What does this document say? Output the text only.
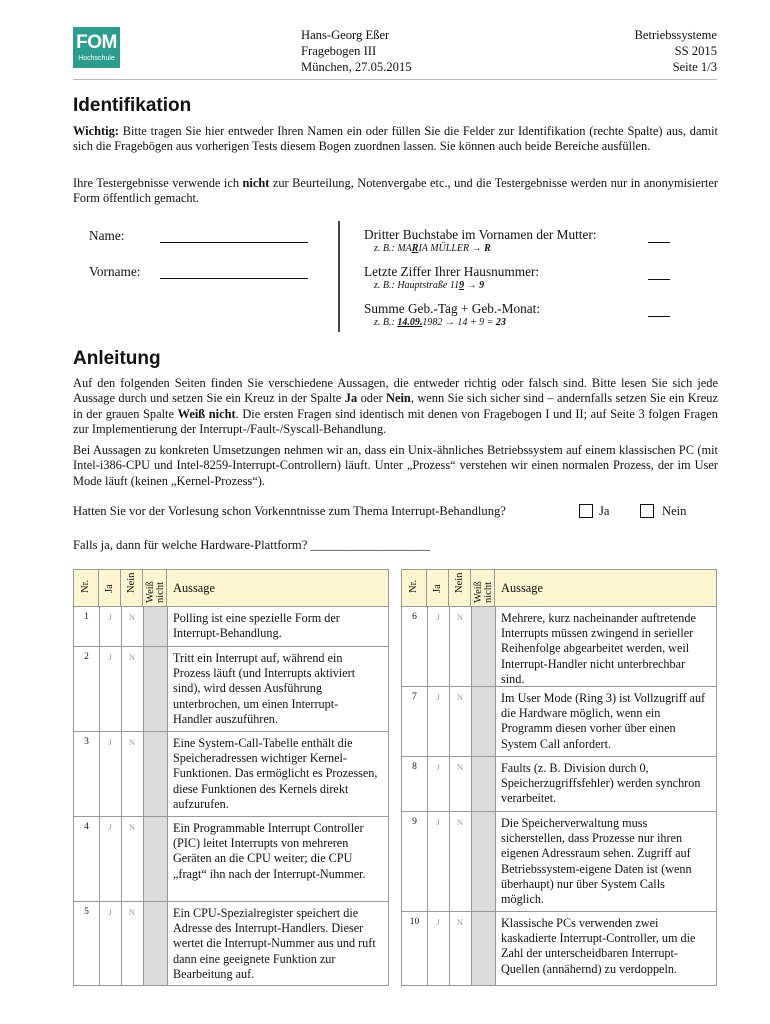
FOM
Hochschule
Hans-Georg Eßer
Fragebogen III
München, 27.05.2015
Betriebssysteme
SS 2015
Seite 1/3
Identifikation
Wichtig: Bitte tragen Sie hier entweder Ihren Namen ein oder füllen Sie die Felder zur Identifikation (rechte Spalte) aus, damit sich die Fragebögen aus vorherigen Tests diesem Bogen zuordnen lassen. Sie können auch beide Bereiche ausfüllen.
Ihre Testergebnisse verwende ich nicht zur Beurteilung, Notenvergabe etc., und die Testergebnisse werden nur in anonymisierter Form öffentlich gemacht.
Name:
Vorname:
Dritter Buchstabe im Vornamen der Mutter:
z. B.: MARIA MÜLLER → R
Letzte Ziffer Ihrer Hausnummer:
z. B.: Hauptstraße 119 → 9
Summe Geb.-Tag + Geb.-Monat:
z. B.: 14.09.1982 → 14 + 9 = 23
Anleitung
Auf den folgenden Seiten finden Sie verschiedene Aussagen, die entweder richtig oder falsch sind. Bitte lesen Sie sich jede Aussage durch und setzen Sie ein Kreuz in der Spalte Ja oder Nein, wenn Sie sich sicher sind – andernfalls setzen Sie ein Kreuz in der grauen Spalte Weiß nicht. Die ersten Fragen sind identisch mit denen von Fragebogen I und II; auf Seite 3 folgen Fragen zur Implementierung der Interrupt-/Fault-/Syscall-Behandlung.
Bei Aussagen zu konkreten Umsetzungen nehmen wir an, dass ein Unix-ähnliches Betriebssystem auf einem klassischen PC (mit Intel-i386-CPU und Intel-8259-Interrupt-Controllern) läuft. Unter „Prozess“ verstehen wir einen normalen Prozess, der im User Mode läuft (keinen „Kernel-Prozess“).
Hatten Sie vor der Vorlesung schon Vorkenntnisse zum Thema Interrupt-Behandlung?	Ja	Nein
Falls ja, dann für welche Hardware-Plattform? ___________________
Nr. Ja Nein Weiß nicht Aussage
1	J	N	Polling ist eine spezielle Form der Interrupt-Behandlung.
2	J	N	Tritt ein Interrupt auf, während ein Prozess läuft (und Interrupts aktiviert sind), wird dessen Ausführung unterbrochen, um einen Interrupt- Handler auszuführen.
3	J	N	Eine System-Call-Tabelle enthält die Speicheradressen wichtiger Kernel-Funktionen. Das ermöglicht es Prozessen, diese Funktionen des Kernels direkt aufzurufen.
4	J	N	Ein Programmable Interrupt Controller (PIC) leitet Interrupts von mehreren Geräten an die CPU weiter; die CPU „fragt“ ihn nach der Interrupt-Nummer.
5	J	N	Ein CPU-Spezialregister speichert die Adresse des Interrupt-Handlers. Dieser wertet die Interrupt-Nummer aus und ruft dann eine geeignete Funktion zur Bearbeitung auf.
Nr. Ja Nein Weiß nicht Aussage
6	J	N	Mehrere, kurz nacheinander auftretende Interrupts müssen zwingend in serieller Reihenfolge abgearbeitet werden, weil Interrupt-Handler nicht unterbrechbar sind.
7	J	N	Im User Mode (Ring 3) ist Vollzugriff auf die Hardware möglich, wenn ein Programm diesen vorher über einen System Call anfordert.
8	J	N	Faults (z. B. Division durch 0, Speicherzugriffsfehler) werden synchron verarbeitet.
9	J	N	Die Speicherverwaltung muss sicherstellen, dass Prozesse nur ihren eigenen Adressraum sehen. Zugriff auf Betriebssystem-eigene Daten ist (wenn überhaupt) nur über System Calls möglich.
10	J	N	Klassische PCs verwenden zwei kaskadierte Interrupt-Controller, um die Zahl der unterscheidbaren Interrupt-Quellen (annähernd) zu verdoppeln.
